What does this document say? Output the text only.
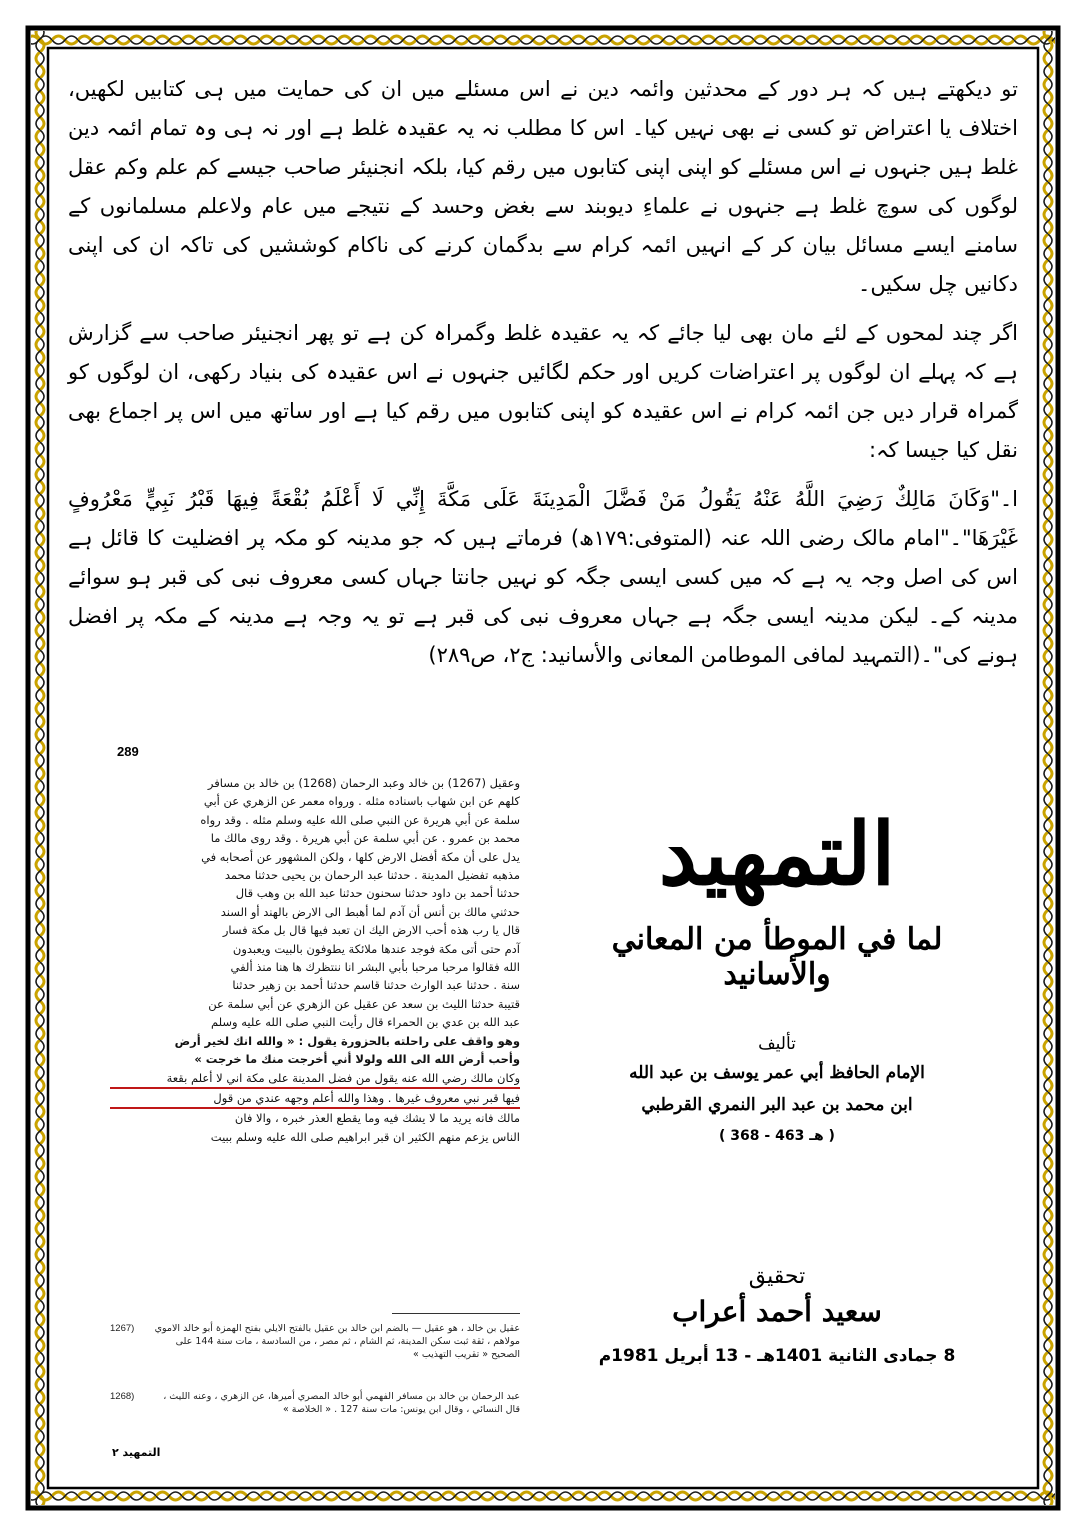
تو دیکھتے ہیں کہ ہر دور کے محدثین وائمہ دین نے اس مسئلے میں ان کی حمایت میں ہی کتابیں لکھیں، اختلاف یا اعتراض تو کسی نے بھی نہیں کیا۔ اس کا مطلب نہ یہ عقیدہ غلط ہے اور نہ ہی وہ تمام ائمہ دین غلط ہیں جنہوں نے اس مسئلے کو اپنی اپنی کتابوں میں رقم کیا، بلکہ انجنیئر صاحب جیسے کم علم وکم عقل لوگوں کی سوچ غلط ہے جنہوں نے علماءِ دیوبند سے بغض وحسد کے نتیجے میں عام ولاعلم مسلمانوں کے سامنے ایسے مسائل بیان کر کے انہیں ائمہ کرام سے بدگمان کرنے کی ناکام کوششیں کی تاکہ ان کی اپنی دکانیں چل سکیں۔

اگر چند لمحوں کے لئے مان بھی لیا جائے کہ یہ عقیدہ غلط وگمراہ کن ہے تو پھر انجنیئر صاحب سے گزارش ہے کہ پہلے ان لوگوں پر اعتراضات کریں اور حکم لگائیں جنہوں نے اس عقیدہ کی بنیاد رکھی، ان لوگوں کو گمراہ قرار دیں جن ائمہ کرام نے اس عقیدہ کو اپنی کتابوں میں رقم کیا ہے اور ساتھ میں اس پر اجماع بھی نقل کیا جیسا کہ:

ا۔"وَكَانَ مَالِكٌ رَضِيَ اللَّهُ عَنْهُ يَقُولُ مَنْ فَضَّلَ الْمَدِينَةَ عَلَى مَكَّةَ إِنِّي لَا أَعْلَمُ بُقْعَةً فِيهَا قَبْرُ نَبِيٍّ مَعْرُوفٍ غَيْرَهَا"۔"امام مالک رضی اللہ عنہ (المتوفی:۱۷۹ھ) فرماتے ہیں کہ جو مدینہ کو مکہ پر افضلیت کا قائل ہے اس کی اصل وجہ یہ ہے کہ میں کسی ایسی جگہ کو نہیں جانتا جہاں کسی معروف نبی کی قبر ہو سوائے مدینہ کے۔ لیکن مدینہ ایسی جگہ ہے جہاں معروف نبی کی قبر ہے تو یہ وجہ ہے مدینہ کے مکہ پر افضل ہونے کی"۔(التمہید لمافی الموطامن المعانی والأسانید: ج۲، ص۲۸۹)

289
وعقيل (1267) بن خالد وعبد الرحمان (1268) بن خالد بن مسافر
كلهم عن ابن شهاب باسناده مثله . ورواه معمر عن الزهري عن أبي
سلمة عن أبي هريرة عن النبي صلى الله عليه وسلم مثله . وقد رواه
محمد بن عمرو . عن أبي سلمة عن أبي هريرة . وقد روى مالك ما
يدل على أن مكة أفضل الارض كلها ، ولكن المشهور عن أصحابه في
مذهبه تفضيل المدينة . حدثنا عبد الرحمان بن يحيى حدثنا محمد
حدثنا أحمد بن داود حدثنا سحنون حدثنا عبد الله بن وهب قال
حدثني مالك بن أنس أن آدم لما أهبط الى الارض بالهند أو السند
قال يا رب هذه أحب الارض اليك ان تعبد فيها قال بل مكة فسار
آدم حتى أتى مكة فوجد عندها ملائكة يطوفون بالبيت ويعبدون
الله فقالوا مرحبا مرحبا بأبي البشر انا ننتظرك ها هنا منذ ألفي
سنة . حدثنا عبد الوارث حدثنا قاسم حدثنا أحمد بن زهير حدثنا
قتيبة حدثنا الليث بن سعد عن عقيل عن الزهري عن أبي سلمة عن
عبد الله بن عدي بن الحمراء قال رأيت النبي صلى الله عليه وسلم
وهو واقف على راحلته بالحزورة يقول : « والله انك لخير أرض
وأحب أرض الله الى الله ولولا أني أخرجت منك ما خرجت »
وكان مالك رضي الله عنه يقول من فضل المدينة على مكة اني لا أعلم بقعة
فيها قبر نبي معروف غيرها . وهذا والله أعلم وجهه عندي من قول
مالك فانه يريد ما لا يشك فيه وما يقطع العذر خبره ، والا فان
الناس يزعم منهم الكثير ان قبر ابراهيم صلى الله عليه وسلم ببيت
1267)	عقيل بن خالد ، هو عقيل — بالضم ابن خالد بن عقيل بالفتح الايلي بفتح الهمزة أبو خالد الاموي مولاهم ، ثقة ثبت سكن المدينة، ثم الشام ، ثم مصر ، من السادسة ، مات سنة 144 على الصحيح « تقريب التهذيب »
1268)	عبد الرحمان بن خالد بن مسافر الفهمي أبو خالد المصري أميرها، عن الزهري ، وعنه الليث ، قال النسائي ، وقال ابن يونس: مات سنة 127 . « الخلاصة »
التمهيد ٢
التمهيد
لما في الموطأ من المعاني والأسانيد
تأليف
الإمام الحافظ أبي عمر يوسف بن عبد الله
ابن محمد بن عبد البر النمري القرطبي
( 368 - 463 هـ )
تحقيق
سعيد أحمد أعراب
8 جمادى الثانية 1401هـ - 13 أبريل 1981م
